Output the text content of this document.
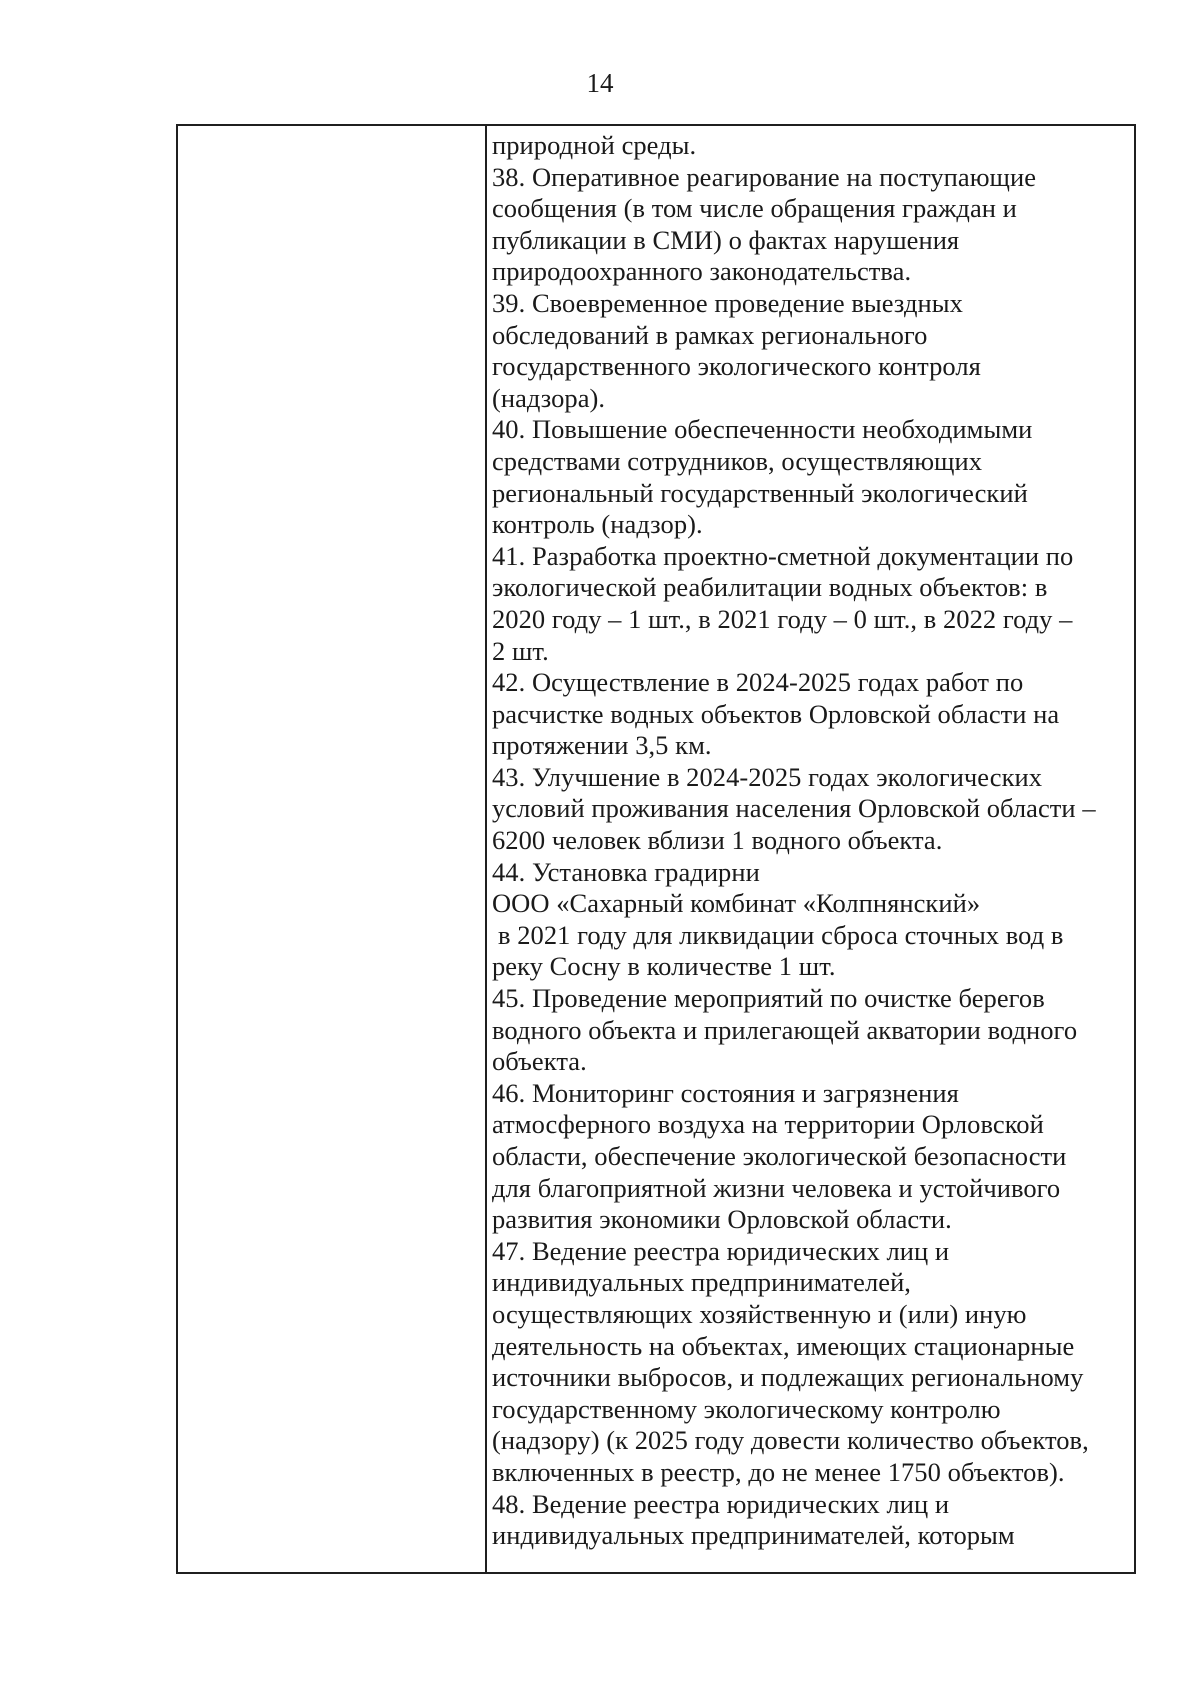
14
природной среды.
38. Оперативное реагирование на поступающие
сообщения (в том числе обращения граждан и
публикации в СМИ) о фактах нарушения
природоохранного законодательства.
39. Своевременное проведение выездных
обследований в рамках регионального
государственного экологического контроля
(надзора).
40. Повышение обеспеченности необходимыми
средствами сотрудников, осуществляющих
региональный государственный экологический
контроль (надзор).
41. Разработка проектно-сметной документации по
экологической реабилитации водных объектов: в
2020 году – 1 шт., в 2021 году – 0 шт., в 2022 году –
2 шт.
42. Осуществление в 2024-2025 годах работ по
расчистке водных объектов Орловской области на
протяжении 3,5 км.
43. Улучшение в 2024-2025 годах экологических
условий проживания населения Орловской области –
6200 человек вблизи 1 водного объекта.
44. Установка градирни
ООО «Сахарный комбинат «Колпнянский»
в 2021 году для ликвидации сброса сточных вод в
реку Сосну в количестве 1 шт.
45. Проведение мероприятий по очистке берегов
водного объекта и прилегающей акватории водного
объекта.
46. Мониторинг состояния и загрязнения
атмосферного воздуха на территории Орловской
области, обеспечение экологической безопасности
для благоприятной жизни человека и устойчивого
развития экономики Орловской области.
47. Ведение реестра юридических лиц и
индивидуальных предпринимателей,
осуществляющих хозяйственную и (или) иную
деятельность на объектах, имеющих стационарные
источники выбросов, и подлежащих региональному
государственному экологическому контролю
(надзору) (к 2025 году довести количество объектов,
включенных в реестр, до не менее 1750 объектов).
48. Ведение реестра юридических лиц и
индивидуальных предпринимателей, которым
